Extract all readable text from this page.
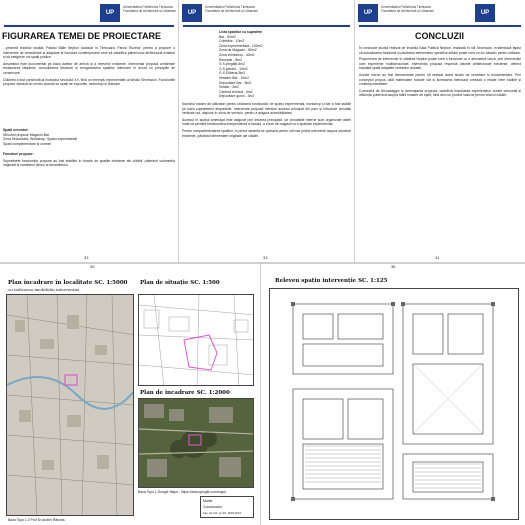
UP
Universitatea Politehnica Timișoara
Facultatea de Arhitectură și Urbanism
FIGURAREA TEMEI DE PROIECTARE

...prezintă imobilul studiat, Palatul Băile Neptun localizat în Timișoara, Parcul Rozelor, pentru a propune o intervenție de remodelare și adaptare la funcțiuni contemporane care să valorifice patrimoniul arhitectural existent și să integreze noi spații publice.

Ansamblul este documentat pe baza datelor de arhivă și a relevelor existente. Intervenția propusă urmărește restaurarea fațadelor, consolidarea structurii și reorganizarea spațiilor interioare în acord cu principiile de conservare.

Clădirea a fost construită la începutul secolului XX, fiind un exemplu reprezentativ al stilului Secession. Funcțiunile propuse vizează un centru cultural cu spații de expoziție, workshop și relaxare.

Spații necesare
Structuri propuse Magazin-Bar
Zona Secundară, Workshop, Spațiu experimental
Spații complementare și conexe

Funcțiuni propuse:

Suprafețele funcțiunilor propuse au fost stabilite în funcție de spațiile existente ale clădirii, păstrând volumetria originală și caracterul istoric al ansamblului.

33
UP
Universitatea Politehnica Timișoara
Facultatea de Arhitectură și Urbanism
Lista spațiilor cu suprafețe
Bar - 50m2
Cofetărie - 10m2
Zona experimentală - 100m2
Zona de Magazin - 80m2
Zona Workshop - 40m2
Recepție - 8m2
G.S.pregătit-5m2
G.S.pierdut - 10m2
G.S-Eliberat-8m2
Vestiare Bar - 10m2
Depozitare Bar - 8m2
Vestiar - 4m2
Cameră tehnică - 6m2
Depozitare gunoi - 3m2

Numărul maxim de utilizatori pentru utilizarea funcțiunilor de spațiu experimental, workshop și bar a fost stabilit pe baza suprafețelor disponibile. Intervenția propusă menține accesul principal din parc și introduce circulații verticale noi, dispuse în zona de serviciu, pentru a asigura accesibilitatea.

Accesul în spațiul amenajat este asigurat prin intrarea principală, iar circulațiile interne sunt organizate astfel încât să permită funcționarea independentă a barului, a zonei de magazin și a spațiului experimental.

Pentru compartimentarea spațiilor, în prima variantă se optează pentru cât mai puține intervenții asupra structurii existente, păstrând elementele originale ale clădirii.

33
UP
Universitatea Politehnica Timișoara
Facultatea de Arhitectură și Urbanism	UP
CONCLUZII

În concluzie studiul realizat pe imobilul Baia Publică Neptun, realizată în stil Secession, evidențiază faptul că actualizarea funcțiunii și păstrarea elementelor specifice stilului poate crea un loc atractiv pentru utilizare.

Propunerea de intervenție în clădirea Neptun poate crea o funcțiune cu o atmosferă unică, prin intermediul unei experiențe multisenzoriale. Intervenția propusă respectă valorile arhitecturale existente, oferind totodată spații adaptate cerințelor actuale.

Aceste lucruri au fost demonstrate pentru că realizat acest studiu de cercetare și fundamentare. Prin conceptul propus, atât materialele folosite cât și iluminarea interioară creează o relație între tradiție și contemporaneitate.

Conceptul de Arcoasaggio în amenajarea propusă, valorifică importanța experiențelor create senzorial și influența puternică asupra stării noastre de spirit, fiind deci un proiect valoros pentru viitorul clădirii.

34
Plan încadrare în localitate SC. 1:5000
cu indicarea imobilului intervenției
Plan de situație SC. 1:500
Baza Topo 1:2 Prof Dr Andrei Răsoha
Plan de încadrare SC. 1:2000
Baza Topo 1:Google Maps - https://www.google.com/maps
Martie
Coordonator
Fac. de Arh. și Urb. 2023-2024
35
Releveu spațiu intervenție SC. 1:125
36
